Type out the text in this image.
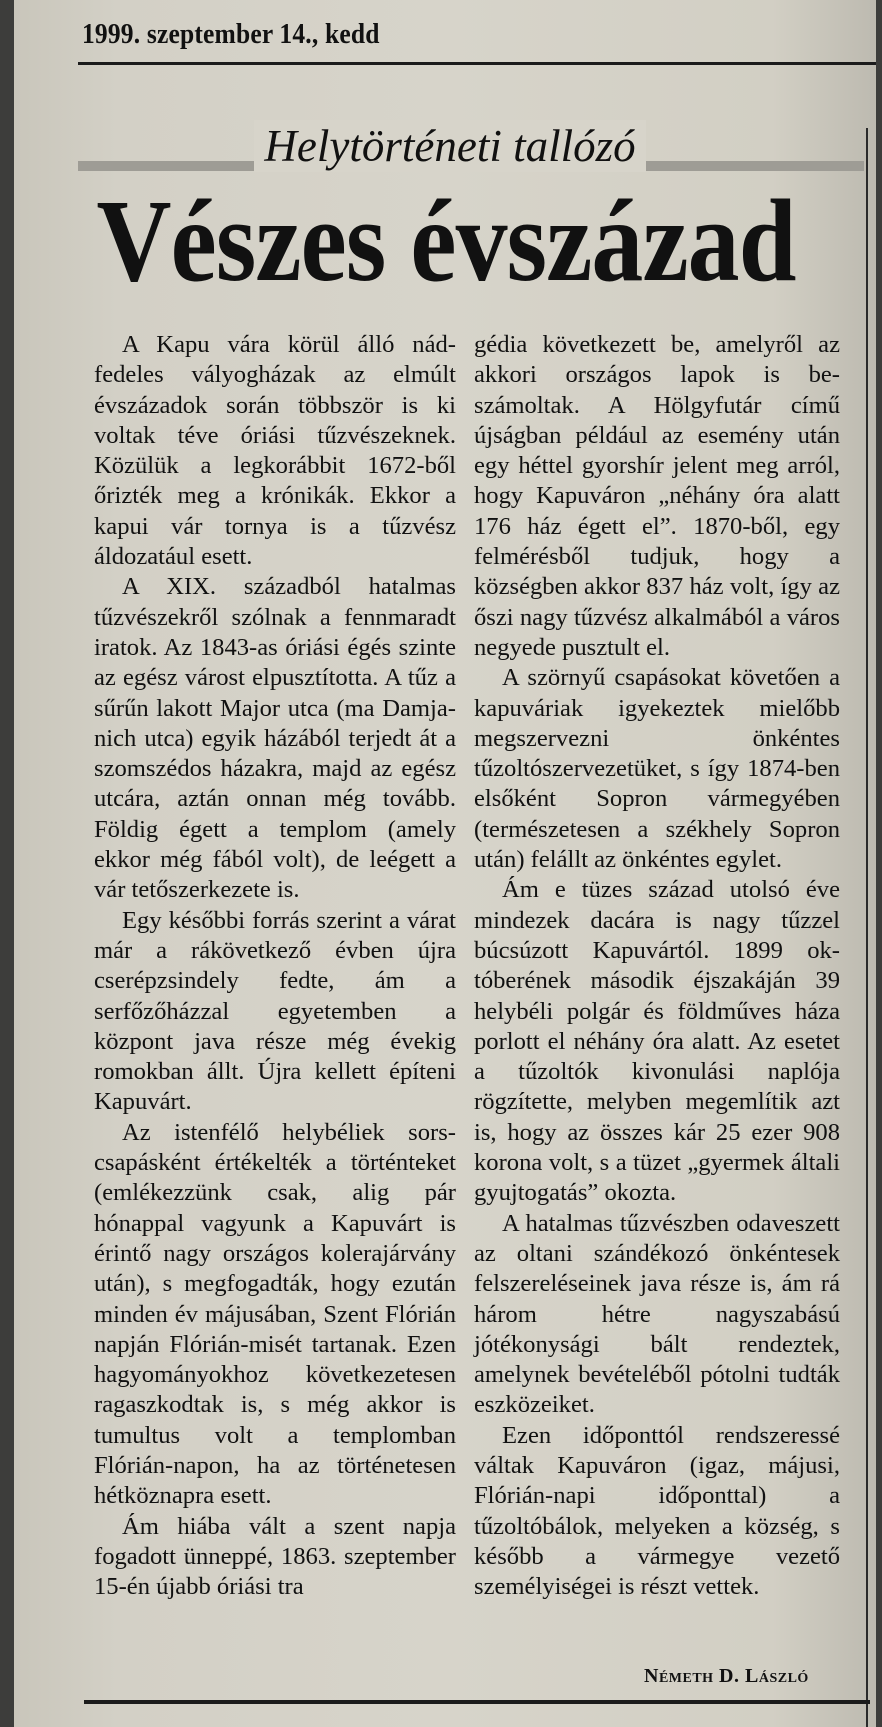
1999. szeptember 14., kedd
Helytörténeti tallózó
Vészes évszázad

A Kapu vára körül álló nádfedeles vályogházak az elmúlt évszázadok során többször is ki voltak téve óriási tűzvészeknek. Közülük a legkorábbit 1672-ből őrizték meg a krónikák. Ekkor a kapui vár tornya is a tűzvész áldozatául esett.

A XIX. századból hatalmas tűzvészekről szólnak a fennmaradt iratok. Az 1843-as óriási égés szinte az egész várost elpusztította. A tűz a sűrűn lakott Major utca (ma Damjanich utca) egyik házából terjedt át a szomszédos házakra, majd az egész utcára, aztán onnan még tovább. Földig égett a templom (amely ekkor még fából volt), de leégett a vár tetőszerkezete is.

Egy későbbi forrás szerint a várat már a rákövetkező évben újra cserépzsindely fedte, ám a serfőzőházzal egyetemben a központ java része még évekig romokban állt. Újra kellett építeni Kapuvárt.

Az istenfélő helybéliek sorscsapásként értékelték a történteket (emlékezzünk csak, alig pár hónappal vagyunk a Kapuvárt is érintő nagy országos kolerajárvány után), s megfogadták, hogy ezután minden év májusában, Szent Flórián napján Flórián-misét tartanak. Ezen hagyományokhoz következetesen ragaszkodtak is, s még akkor is tumultus volt a templomban Flórián-napon, ha az történetesen hétköznapra esett.

Ám hiába vált a szent napja fogadott ünneppé, 1863. szeptember 15-én újabb óriási tra

gédia következett be, amelyről az akkori országos lapok is beszámoltak. A Hölgyfutár című újságban például az esemény után egy héttel gyorshír jelent meg arról, hogy Kapuváron „néhány óra alatt 176 ház égett el”. 1870-ből, egy felmérésből tudjuk, hogy a községben akkor 837 ház volt, így az őszi nagy tűzvész alkalmából a város negyede pusztult el.

A szörnyű csapásokat követően a kapuváriak igyekeztek mielőbb megszervezni önkéntes tűzoltószervezetüket, s így 1874-ben elsőként Sopron vármegyében (természetesen a székhely Sopron után) felállt az önkéntes egylet.

Ám e tüzes század utolsó éve mindezek dacára is nagy tűzzel búcsúzott Kapuvártól. 1899 októberének második éjszakáján 39 helybéli polgár és földműves háza porlott el néhány óra alatt. Az esetet a tűzoltók kivonulási naplója rögzítette, melyben megemlítik azt is, hogy az összes kár 25 ezer 908 korona volt, s a tüzet „gyermek általi gyujtogatás” okozta.

A hatalmas tűzvészben odaveszett az oltani szándékozó önkéntesek felszereléseinek java része is, ám rá három hétre nagyszabású jótékonysági bált rendeztek, amelynek bevételéből pótolni tudták eszközeiket.

Ezen időponttól rendszeressé váltak Kapuváron (igaz, májusi, Flórián-napi időponttal) a tűzoltóbálok, melyeken a község, s később a vármegye vezető személyiségei is részt vettek.

Németh D. László
